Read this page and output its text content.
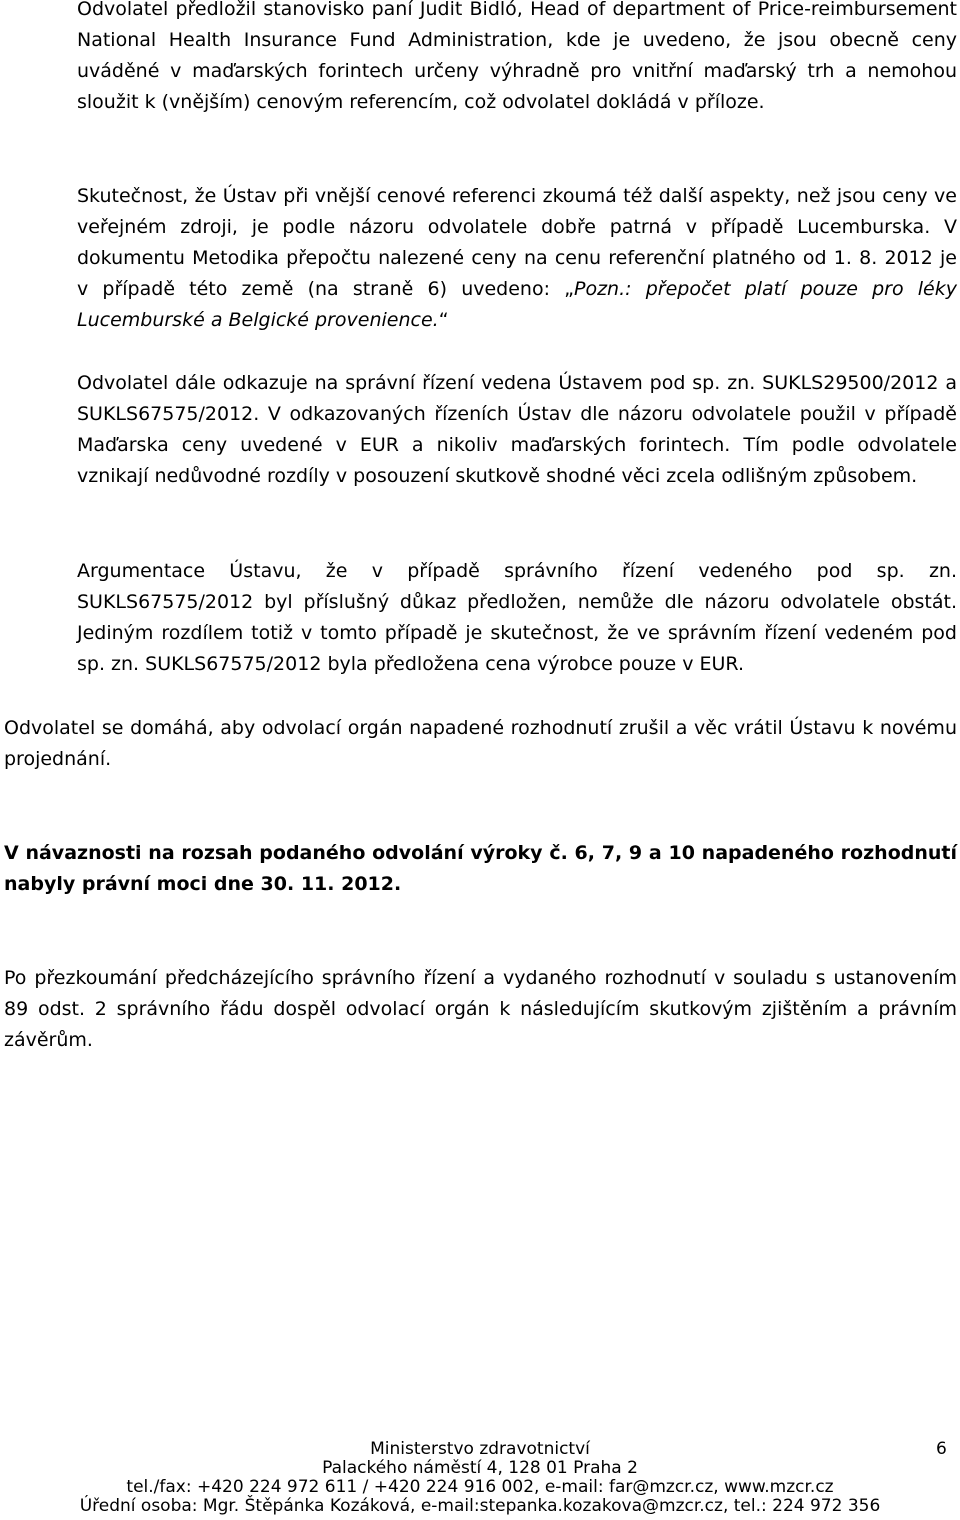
Odvolatel předložil stanovisko paní Judit Bidló, Head of department of Price-reimbursement National Health Insurance Fund Administration, kde je uvedeno, že jsou obecně ceny uváděné v maďarských forintech určeny výhradně pro vnitřní maďarský trh a nemohou sloužit k (vnějším) cenovým referencím, což odvolatel dokládá v příloze.

Skutečnost, že Ústav při vnější cenové referenci zkoumá též další aspekty, než jsou ceny ve veřejném zdroji, je podle názoru odvolatele dobře patrná v případě Lucemburska. V dokumentu Metodika přepočtu nalezené ceny na cenu referenční platného od 1. 8. 2012 je v případě této země (na straně 6) uvedeno: „Pozn.: přepočet platí pouze pro léky Lucemburské a Belgické provenience.“

Odvolatel dále odkazuje na správní řízení vedena Ústavem pod sp. zn. SUKLS29500/2012 a SUKLS67575/2012. V odkazovaných řízeních Ústav dle názoru odvolatele použil v případě Maďarska ceny uvedené v EUR a nikoliv maďarských forintech. Tím podle odvolatele vznikají nedůvodné rozdíly v posouzení skutkově shodné věci zcela odlišným způsobem.

Argumentace Ústavu, že v případě správního řízení vedeného pod sp. zn. SUKLS67575/2012 byl příslušný důkaz předložen, nemůže dle názoru odvolatele obstát. Jediným rozdílem totiž v tomto případě je skutečnost, že ve správním řízení vedeném pod sp. zn. SUKLS67575/2012 byla předložena cena výrobce pouze v EUR.

Odvolatel se domáhá, aby odvolací orgán napadené rozhodnutí zrušil a věc vrátil Ústavu k novému projednání.

V návaznosti na rozsah podaného odvolání výroky č. 6, 7, 9 a 10 napadeného rozhodnutí nabyly právní moci dne 30. 11. 2012.

Po přezkoumání předcházejícího správního řízení a vydaného rozhodnutí v souladu s ustanovením 89 odst. 2 správního řádu dospěl odvolací orgán k následujícím skutkovým zjištěním a právním závěrům.

Ministerstvo zdravotnictví
Palackého náměstí 4, 128 01 Praha 2
tel./fax: +420 224 972 611 / +420 224 916 002, e-mail: far@mzcr.cz, www.mzcr.cz
Úřední osoba: Mgr. Štěpánka Kozáková, e-mail:stepanka.kozakova@mzcr.cz, tel.: 224 972 356
6
